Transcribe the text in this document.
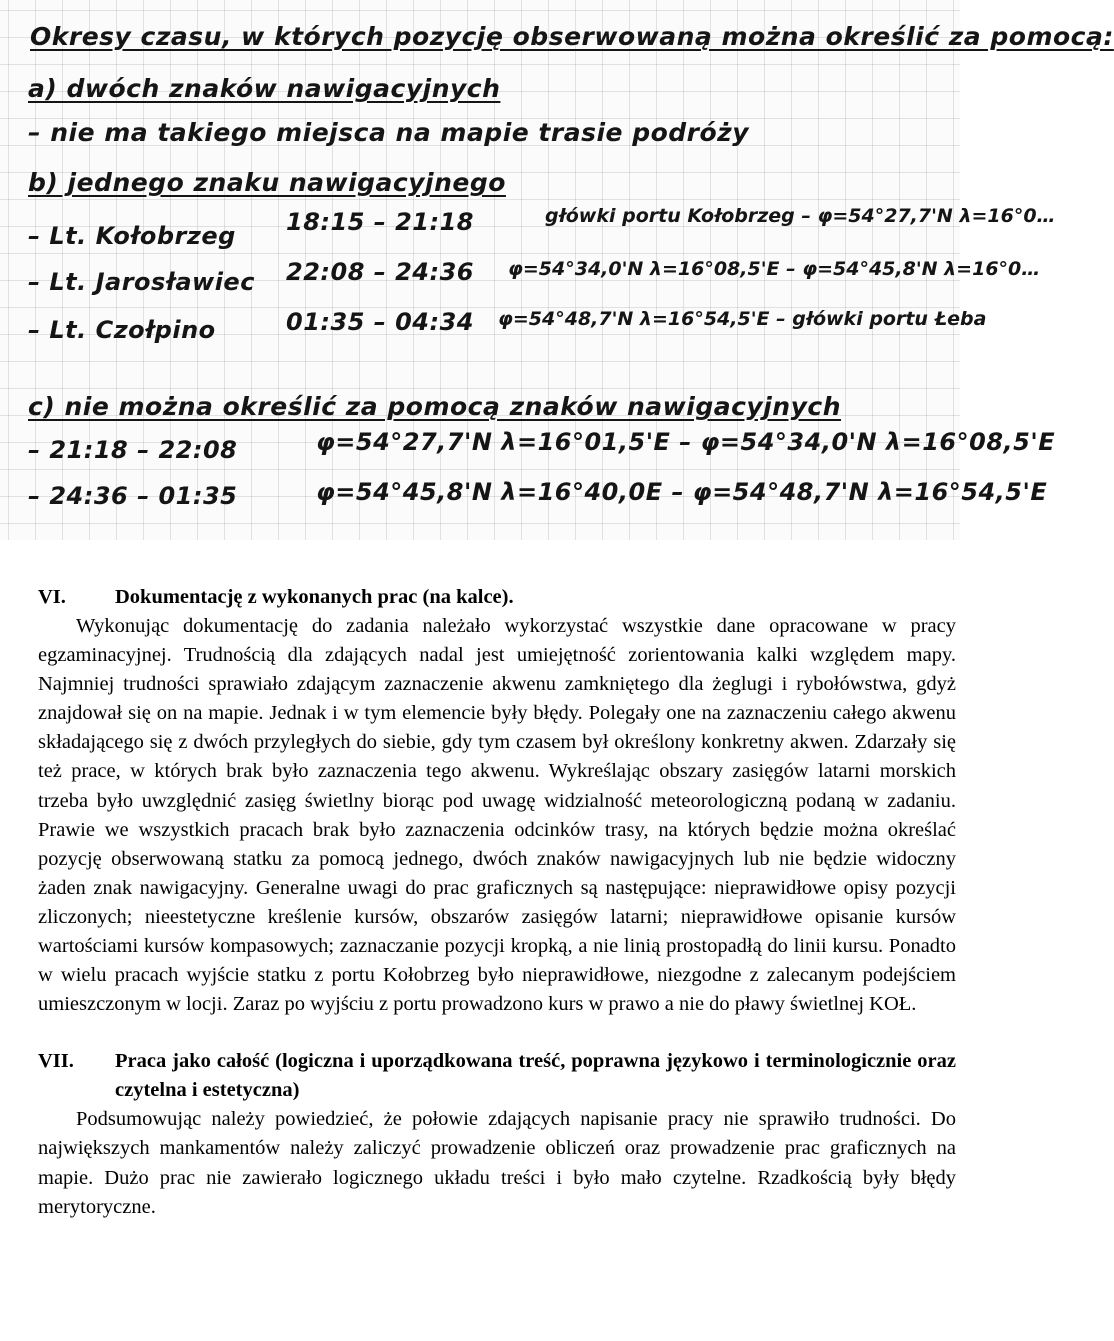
Okresy czasu, w których pozycję obserwowaną można określić za pomocą:
a) dwóch znaków nawigacyjnych
– nie ma takiego miejsca na mapie trasie podróży
b) jednego znaku nawigacyjnego
– Lt. Kołobrzeg 18:15 – 21:18	główki portu Kołobrzeg – φ=54°27,7'N λ=16°0…
– Lt. Jarosławiec 22:08 – 24:36 φ=54°34,0'N λ=16°08,5'E – φ=54°45,8'N λ=16°0…
– Lt. Czołpino	01:35 – 04:34 φ=54°48,7'N λ=16°54,5'E – główki portu Łeba
c) nie można określić za pomocą znaków nawigacyjnych
– 21:18 – 22:08	φ=54°27,7'N λ=16°01,5'E – φ=54°34,0'N λ=16°08,5'E
– 24:36 – 01:35	φ=54°45,8'N λ=16°40,0E – φ=54°48,7'N λ=16°54,5'E
VI.	Dokumentację z wykonanych prac (na kalce).

Wykonując dokumentację do zadania należało wykorzystać wszystkie dane opracowane w pracy egzaminacyjnej. Trudnością dla zdających nadal jest umiejętność zorientowania kalki względem mapy. Najmniej trudności sprawiało zdającym zaznaczenie akwenu zamkniętego dla żeglugi i rybołówstwa, gdyż znajdował się on na mapie. Jednak i w tym elemencie były błędy. Polegały one na zaznaczeniu całego akwenu składającego się z dwóch przyległych do siebie, gdy tym czasem był określony konkretny akwen. Zdarzały się też prace, w których brak było zaznaczenia tego akwenu. Wykreślając obszary zasięgów latarni morskich trzeba było uwzględnić zasięg świetlny biorąc pod uwagę widzialność meteorologiczną podaną w zadaniu. Prawie we wszystkich pracach brak było zaznaczenia odcinków trasy, na których będzie można określać pozycję obserwowaną statku za pomocą jednego, dwóch znaków nawigacyjnych lub nie będzie widoczny żaden znak nawigacyjny. Generalne uwagi do prac graficznych są następujące: nieprawidłowe opisy pozycji zliczonych; nieestetyczne kreślenie kursów, obszarów zasięgów latarni; nieprawidłowe opisanie kursów wartościami kursów kompasowych; zaznaczanie pozycji kropką, a nie linią prostopadłą do linii kursu. Ponadto w wielu pracach wyjście statku z portu Kołobrzeg było nieprawidłowe, niezgodne z zalecanym podejściem umieszczonym w locji. Zaraz po wyjściu z portu prowadzono kurs w prawo a nie do pławy świetlnej KOŁ.

VII.	Praca jako całość (logiczna i uporządkowana treść, poprawna językowo i terminologicznie oraz czytelna i estetyczna)

Podsumowując należy powiedzieć, że połowie zdających napisanie pracy nie sprawiło trudności. Do największych mankamentów należy zaliczyć prowadzenie obliczeń oraz prowadzenie prac graficznych na mapie. Dużo prac nie zawierało logicznego układu treści i było mało czytelne. Rzadkością były błędy merytoryczne.
